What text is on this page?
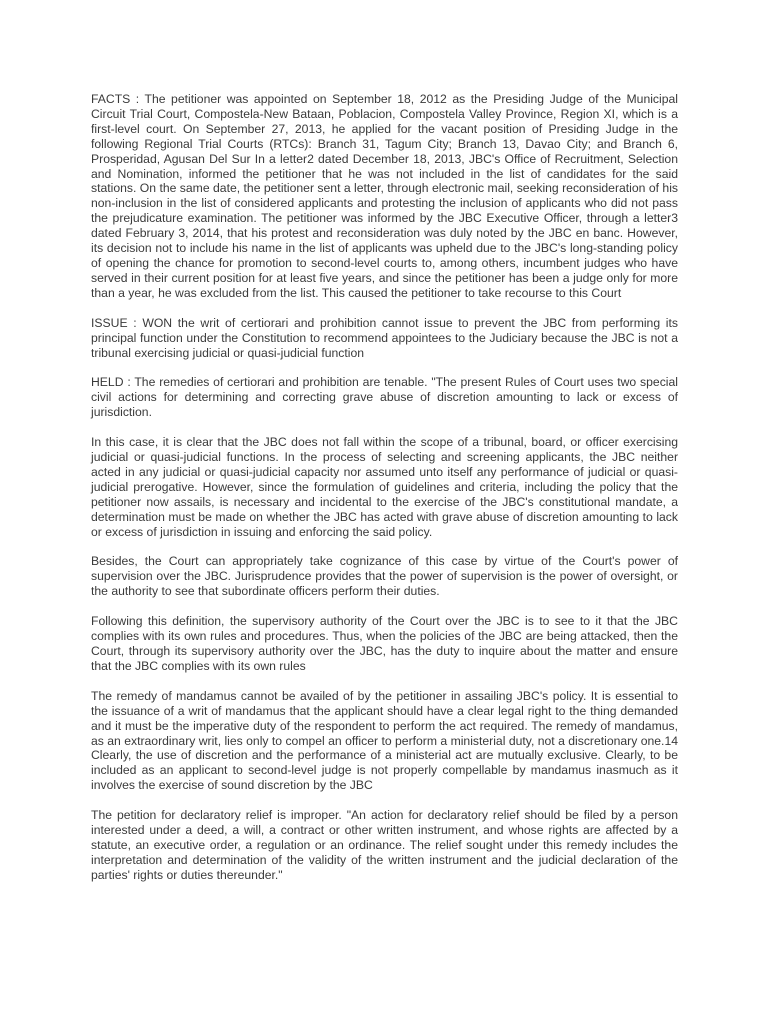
FACTS : The petitioner was appointed on September 18, 2012 as the Presiding Judge of the Municipal Circuit Trial Court, Compostela-New Bataan, Poblacion, Compostela Valley Province, Region XI, which is a first-level court. On September 27, 2013, he applied for the vacant position of Presiding Judge in the following Regional Trial Courts (RTCs): Branch 31, Tagum City; Branch 13, Davao City; and Branch 6, Prosperidad, Agusan Del Sur In a letter2 dated December 18, 2013, JBC's Office of Recruitment, Selection and Nomination, informed the petitioner that he was not included in the list of candidates for the said stations. On the same date, the petitioner sent a letter, through electronic mail, seeking reconsideration of his non-inclusion in the list of considered applicants and protesting the inclusion of applicants who did not pass the prejudicature examination. The petitioner was informed by the JBC Executive Officer, through a letter3 dated February 3, 2014, that his protest and reconsideration was duly noted by the JBC en banc. However, its decision not to include his name in the list of applicants was upheld due to the JBC's long-standing policy of opening the chance for promotion to second-level courts to, among others, incumbent judges who have served in their current position for at least five years, and since the petitioner has been a judge only for more than a year, he was excluded from the list. This caused the petitioner to take recourse to this Court

ISSUE : WON the writ of certiorari and prohibition cannot issue to prevent the JBC from performing its principal function under the Constitution to recommend appointees to the Judiciary because the JBC is not a tribunal exercising judicial or quasi-judicial function

HELD : The remedies of certiorari and prohibition are tenable. "The present Rules of Court uses two special civil actions for determining and correcting grave abuse of discretion amounting to lack or excess of jurisdiction.

In this case, it is clear that the JBC does not fall within the scope of a tribunal, board, or officer exercising judicial or quasi-judicial functions. In the process of selecting and screening applicants, the JBC neither acted in any judicial or quasi-judicial capacity nor assumed unto itself any performance of judicial or quasi-judicial prerogative. However, since the formulation of guidelines and criteria, including the policy that the petitioner now assails, is necessary and incidental to the exercise of the JBC's constitutional mandate, a determination must be made on whether the JBC has acted with grave abuse of discretion amounting to lack or excess of jurisdiction in issuing and enforcing the said policy.

Besides, the Court can appropriately take cognizance of this case by virtue of the Court's power of supervision over the JBC. Jurisprudence provides that the power of supervision is the power of oversight, or the authority to see that subordinate officers perform their duties.

Following this definition, the supervisory authority of the Court over the JBC is to see to it that the JBC complies with its own rules and procedures. Thus, when the policies of the JBC are being attacked, then the Court, through its supervisory authority over the JBC, has the duty to inquire about the matter and ensure that the JBC complies with its own rules

The remedy of mandamus cannot be availed of by the petitioner in assailing JBC's policy. It is essential to the issuance of a writ of mandamus that the applicant should have a clear legal right to the thing demanded and it must be the imperative duty of the respondent to perform the act required. The remedy of mandamus, as an extraordinary writ, lies only to compel an officer to perform a ministerial duty, not a discretionary one.14 Clearly, the use of discretion and the performance of a ministerial act are mutually exclusive. Clearly, to be included as an applicant to second-level judge is not properly compellable by mandamus inasmuch as it involves the exercise of sound discretion by the JBC

The petition for declaratory relief is improper. "An action for declaratory relief should be filed by a person interested under a deed, a will, a contract or other written instrument, and whose rights are affected by a statute, an executive order, a regulation or an ordinance. The relief sought under this remedy includes the interpretation and determination of the validity of the written instrument and the judicial declaration of the parties' rights or duties thereunder."
